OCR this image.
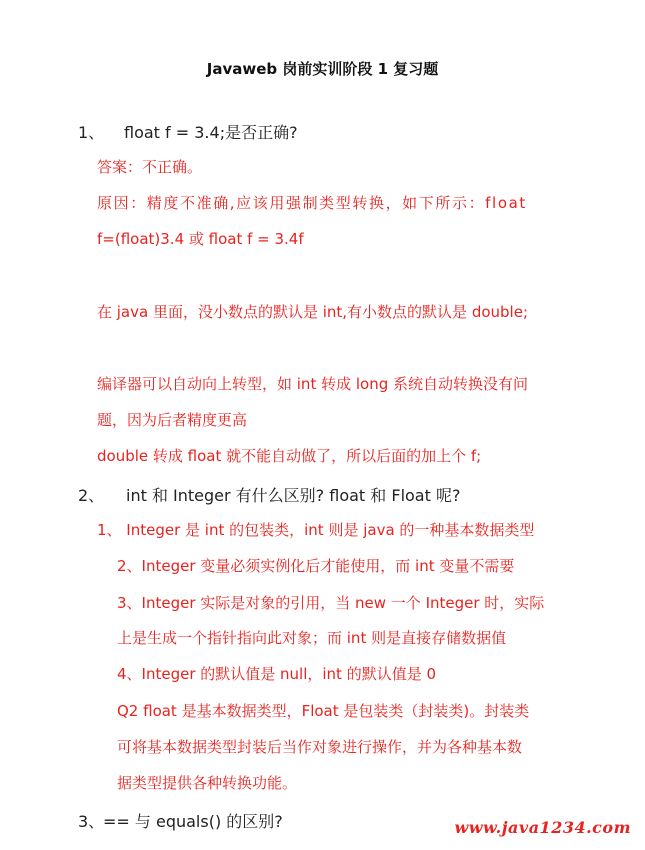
Javaweb 岗前实训阶段 1 复习题
1、 float f = 3.4;是否正确?
答案：不正确。
原因：精度不准确,应该用强制类型转换，如下所示：float
f=(float)3.4 或 float f = 3.4f
在 java 里面，没小数点的默认是 int,有小数点的默认是 double;
编译器可以自动向上转型，如 int 转成 long 系统自动转换没有问
题，因为后者精度更高
double 转成 float 就不能自动做了，所以后面的加上个 f;
2、 int 和 Integer 有什么区别? float 和 Float 呢?
1、 Integer 是 int 的包装类，int 则是 java 的一种基本数据类型
2、Integer 变量必须实例化后才能使用，而 int 变量不需要
3、Integer 实际是对象的引用，当 new 一个 Integer 时，实际
上是生成一个指针指向此对象；而 int 则是直接存储数据值
4、Integer 的默认值是 null，int 的默认值是 0
Q2 float 是基本数据类型，Float 是包装类（封装类)。封装类
可将基本数据类型封装后当作对象进行操作，并为各种基本数
据类型提供各种转换功能。
3、
== 与 equals() 的区别?	www.java1234.com
